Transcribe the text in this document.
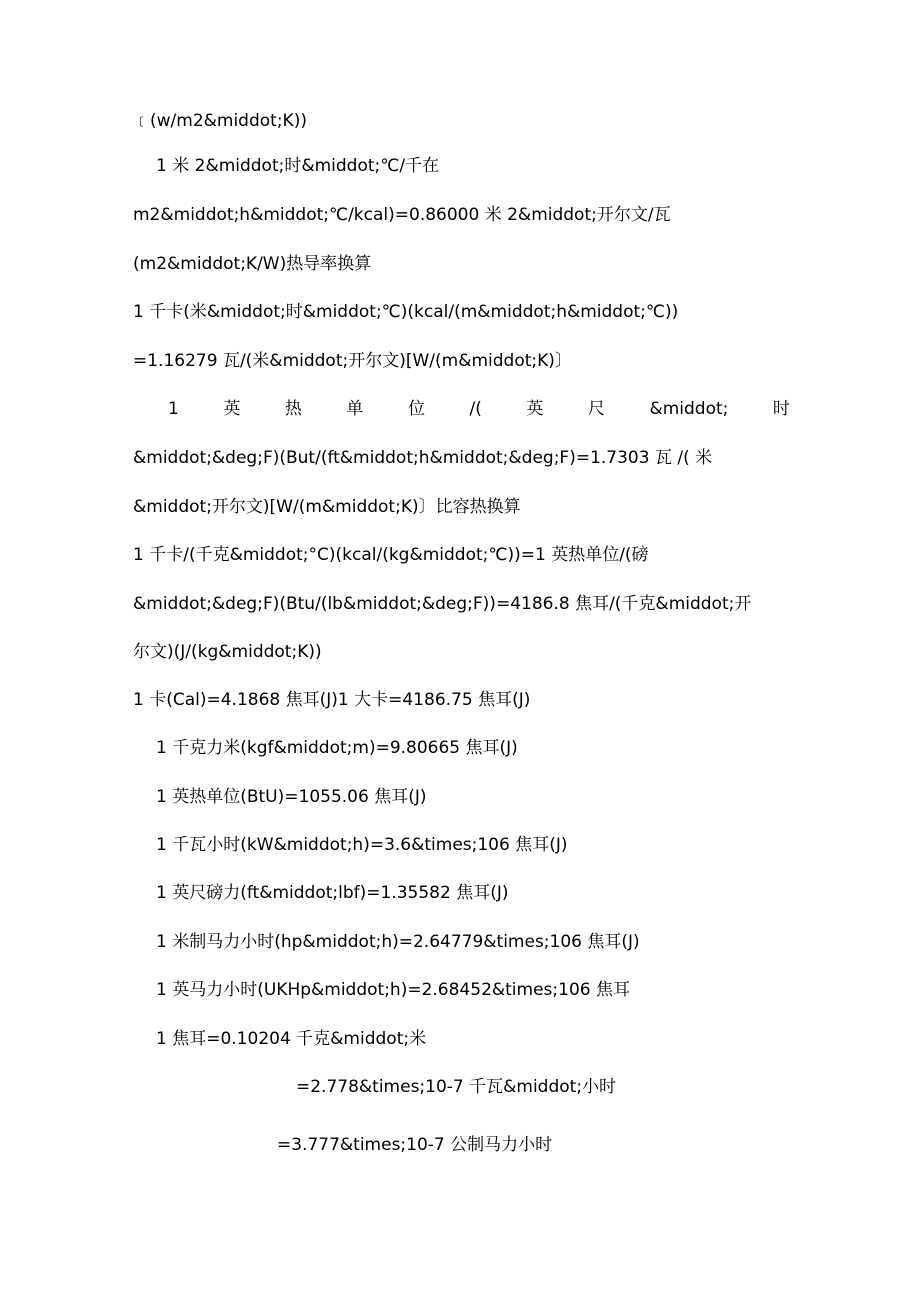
﹝(w/m2&middot;K))
1 米 2&middot;时&middot;℃/千在
m2&middot;h&middot;℃/kcal)=0.86000 米 2&middot;开尔文/瓦
(m2&middot;K/W)热导率换算
1 千卡(米&middot;时&middot;℃)(kcal/(m&middot;h&middot;℃))
=1.16279 瓦/(米&middot;开尔文)[W/(m&middot;K)〕
1	英	热	单	位	/(	英	尺	&middot;	时
&middot;&deg;F)(But/(ft&middot;h&middot;&deg;F)=1.7303 瓦 /( 米
&middot;开尔文)[W/(m&middot;K)〕比容热换算
1 千卡/(千克&middot;°C)(kcal/(kg&middot;℃))=1 英热单位/(磅
&middot;&deg;F)(Btu/(lb&middot;&deg;F))=4186.8 焦耳/(千克&middot;开
尔文)(J/(kg&middot;K))
1 卡(Cal)=4.1868 焦耳(J)1 大卡=4186.75 焦耳(J)
1 千克力米(kgf&middot;m)=9.80665 焦耳(J)
1 英热单位(BtU)=1055.06 焦耳(J)
1 千瓦小时(kW&middot;h)=3.6&times;106 焦耳(J)
1 英尺磅力(ft&middot;lbf)=1.35582 焦耳(J)
1 米制马力小时(hp&middot;h)=2.64779&times;106 焦耳(J)
1 英马力小时(UKHp&middot;h)=2.68452&times;106 焦耳
1 焦耳=0.10204 千克&middot;米
=2.778&times;10-7 千瓦&middot;小时
=3.777&times;10-7 公制马力小时
